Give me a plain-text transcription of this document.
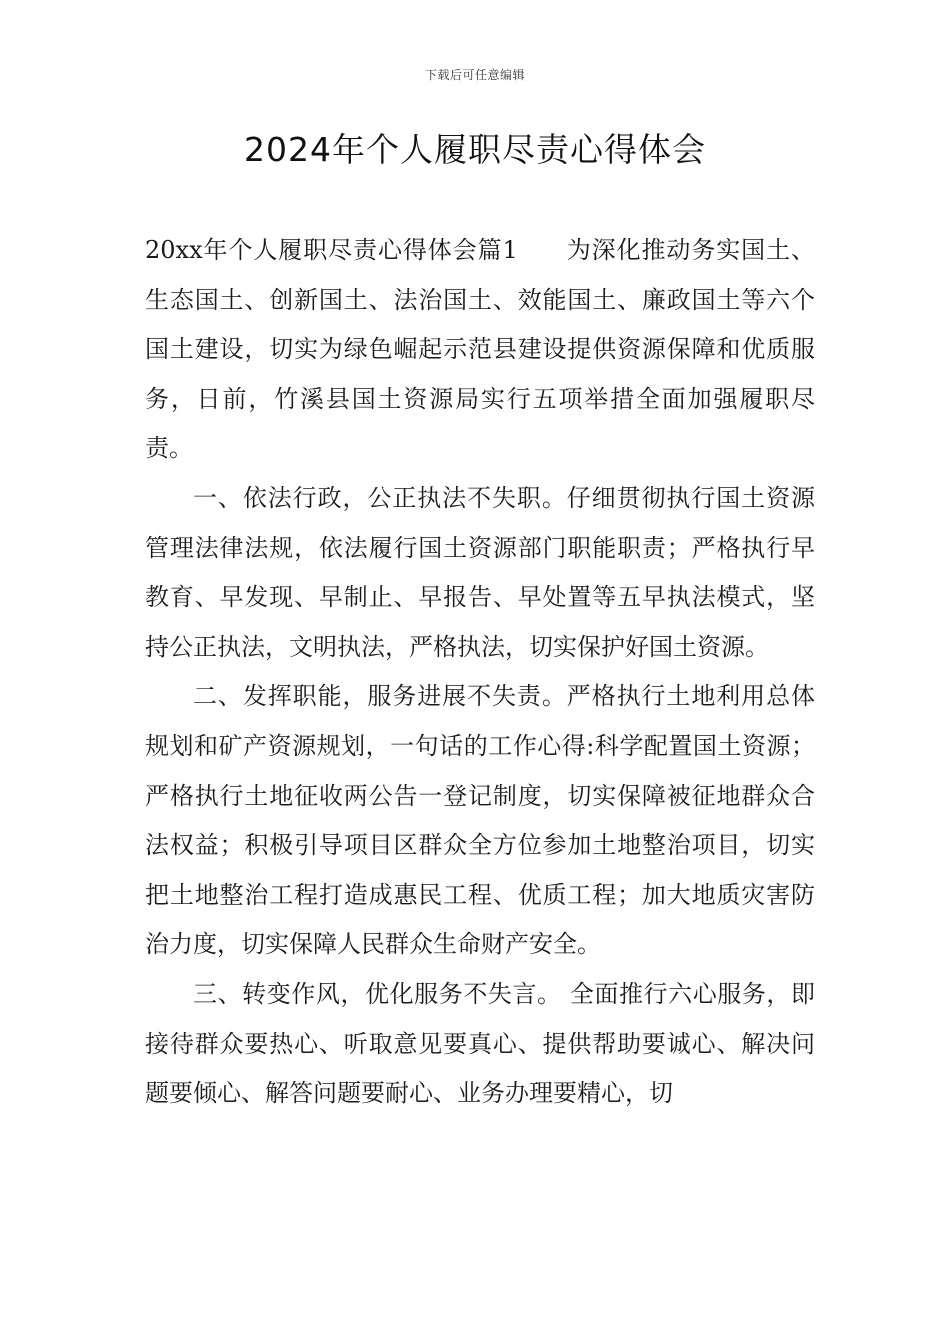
下载后可任意编辑
2024年个人履职尽责心得体会

20xx年个人履职尽责心得体会篇1 为深化推动务实国土、生态国土、创新国土、法治国土、效能国土、廉政国土等六个国土建设，切实为绿色崛起示范县建设提供资源保障和优质服务，日前，竹溪县国土资源局实行五项举措全面加强履职尽责。

一、依法行政，公正执法不失职。仔细贯彻执行国土资源管理法律法规，依法履行国土资源部门职能职责；严格执行早教育、早发现、早制止、早报告、早处置等五早执法模式，坚持公正执法，文明执法，严格执法，切实保护好国土资源。

二、发挥职能，服务进展不失责。严格执行土地利用总体规划和矿产资源规划，一句话的工作心得:科学配置国土资源；严格执行土地征收两公告一登记制度，切实保障被征地群众合法权益；积极引导项目区群众全方位参加土地整治项目，切实把土地整治工程打造成惠民工程、优质工程；加大地质灾害防治力度，切实保障人民群众生命财产安全。

三、转变作风，优化服务不失言。 全面推行六心服务，即接待群众要热心、听取意见要真心、提供帮助要诚心、解决问题要倾心、解答问题要耐心、业务办理要精心，切
